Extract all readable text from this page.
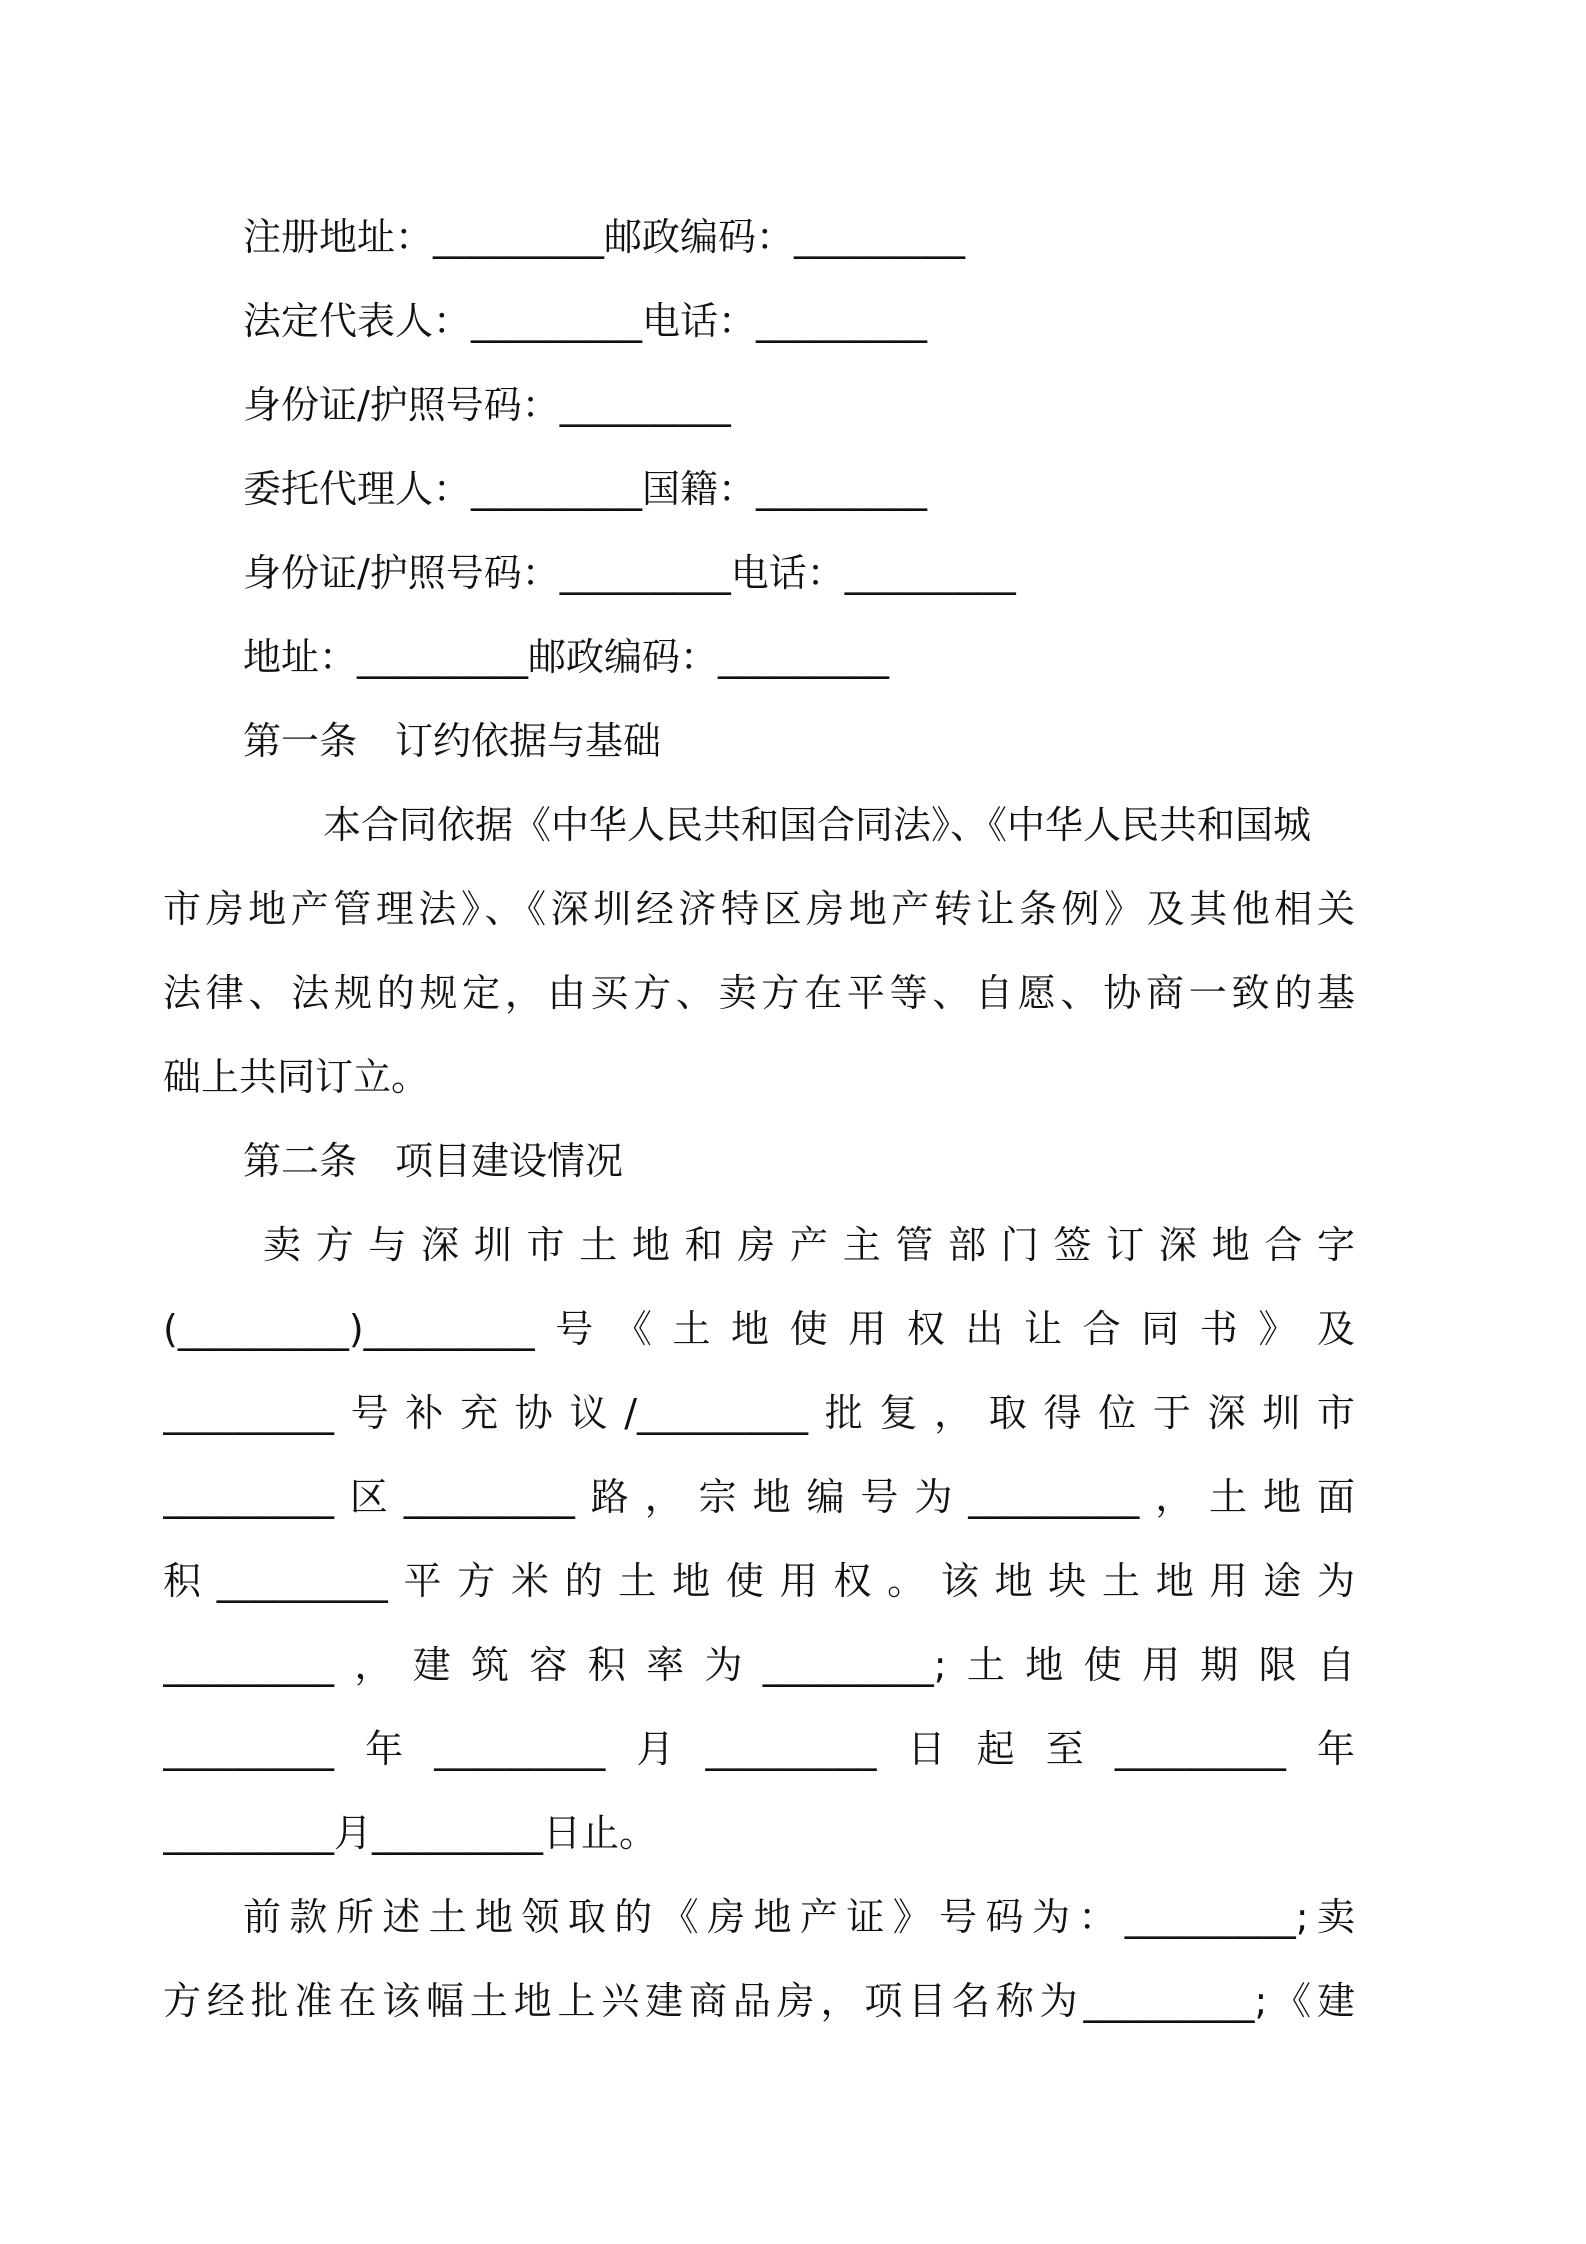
注册地址：_________邮政编码：_________
法定代表人：_________电话：_________
身份证/护照号码：_________
委托代理人：_________国籍：_________
身份证/护照号码：_________电话：_________
地址：_________邮政编码：_________
第一条　订约依据与基础
本合同依据《中华人民共和国合同法》、《中华人民共和国城
市房地产管理法》、《深圳经济特区房地产转让条例》及其他相关
法律、法规的规定，由买方、卖方在平等、自愿、协商一致的基
础上共同订立。
第二条　项目建设情况
卖方与深圳市土地和房产主管部门签订深地合字
(_________)_________号《土地使用权出让合同书》及
_________号补充协议/_________批复，取得位于深圳市
_________区_________路，宗地编号为_________，土地面
积_________平方米的土地使用权。该地块土地用途为
_________，建筑容积率为_________;土地使用期限自
_________年_________月_________日起至_________年
_________月_________日止。
前款所述土地领取的《房地产证》号码为：_________;卖
方经批准在该幅土地上兴建商品房，项目名称为_________;《建
